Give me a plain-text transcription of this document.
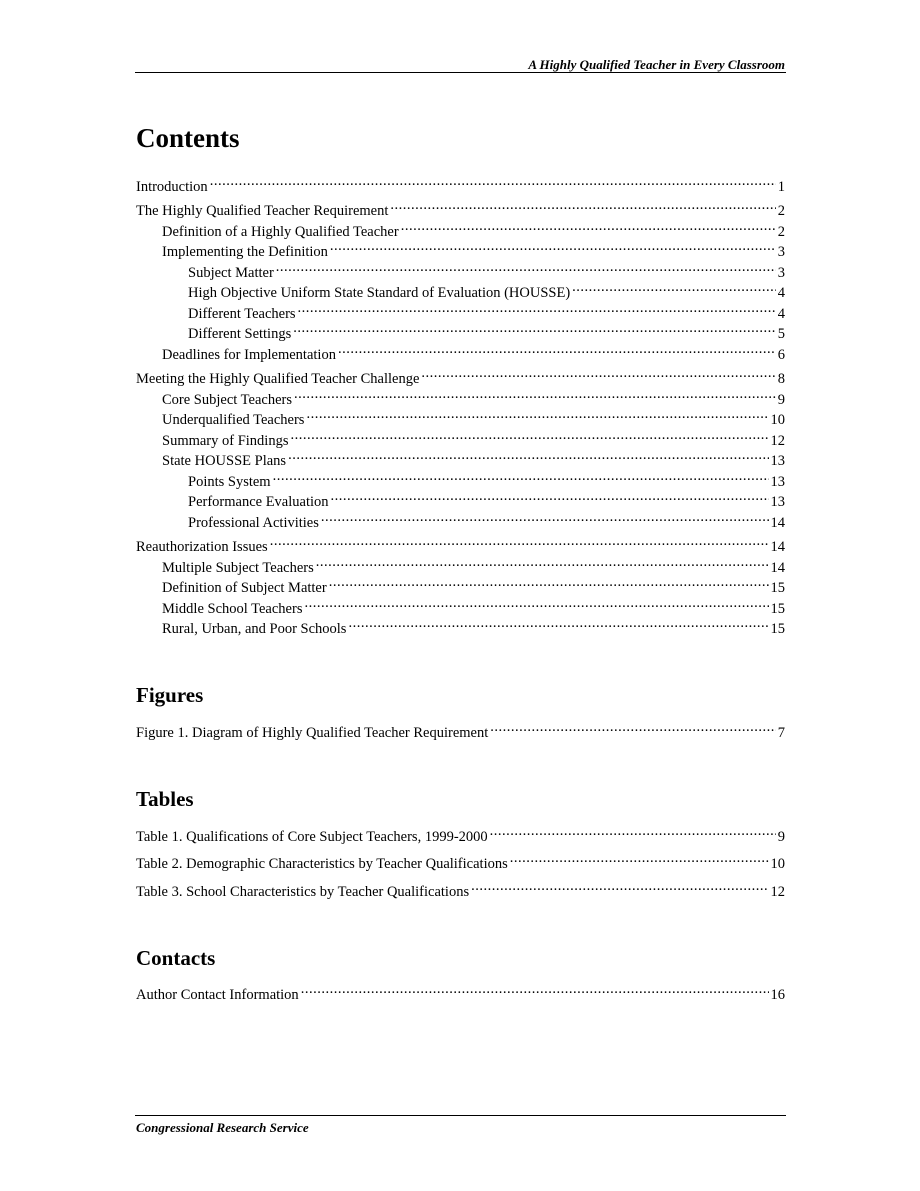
A Highly Qualified Teacher in Every Classroom
Contents
Introduction .....	1
The Highly Qualified Teacher Requirement .....	2
Definition of a Highly Qualified Teacher .....	2
Implementing the Definition .....	3
Subject Matter .....	3
High Objective Uniform State Standard of Evaluation (HOUSSE) .....	4
Different Teachers .....	4
Different Settings .....	5
Deadlines for Implementation .....	6
Meeting the Highly Qualified Teacher Challenge .....	8
Core Subject Teachers .....	9
Underqualified Teachers .....	10
Summary of Findings .....	12
State HOUSSE Plans .....	13
Points System .....	13
Performance Evaluation .....	13
Professional Activities .....	14
Reauthorization Issues .....	14
Multiple Subject Teachers .....	14
Definition of Subject Matter .....	15
Middle School Teachers .....	15
Rural, Urban, and Poor Schools .....	15
Figures
Figure 1. Diagram of Highly Qualified Teacher Requirement .....	7
Tables
Table 1. Qualifications of Core Subject Teachers, 1999-2000 .....	9
Table 2. Demographic Characteristics by Teacher Qualifications .....	10
Table 3. School Characteristics by Teacher Qualifications .....	12
Contacts
Author Contact Information .....	16
Congressional Research Service
